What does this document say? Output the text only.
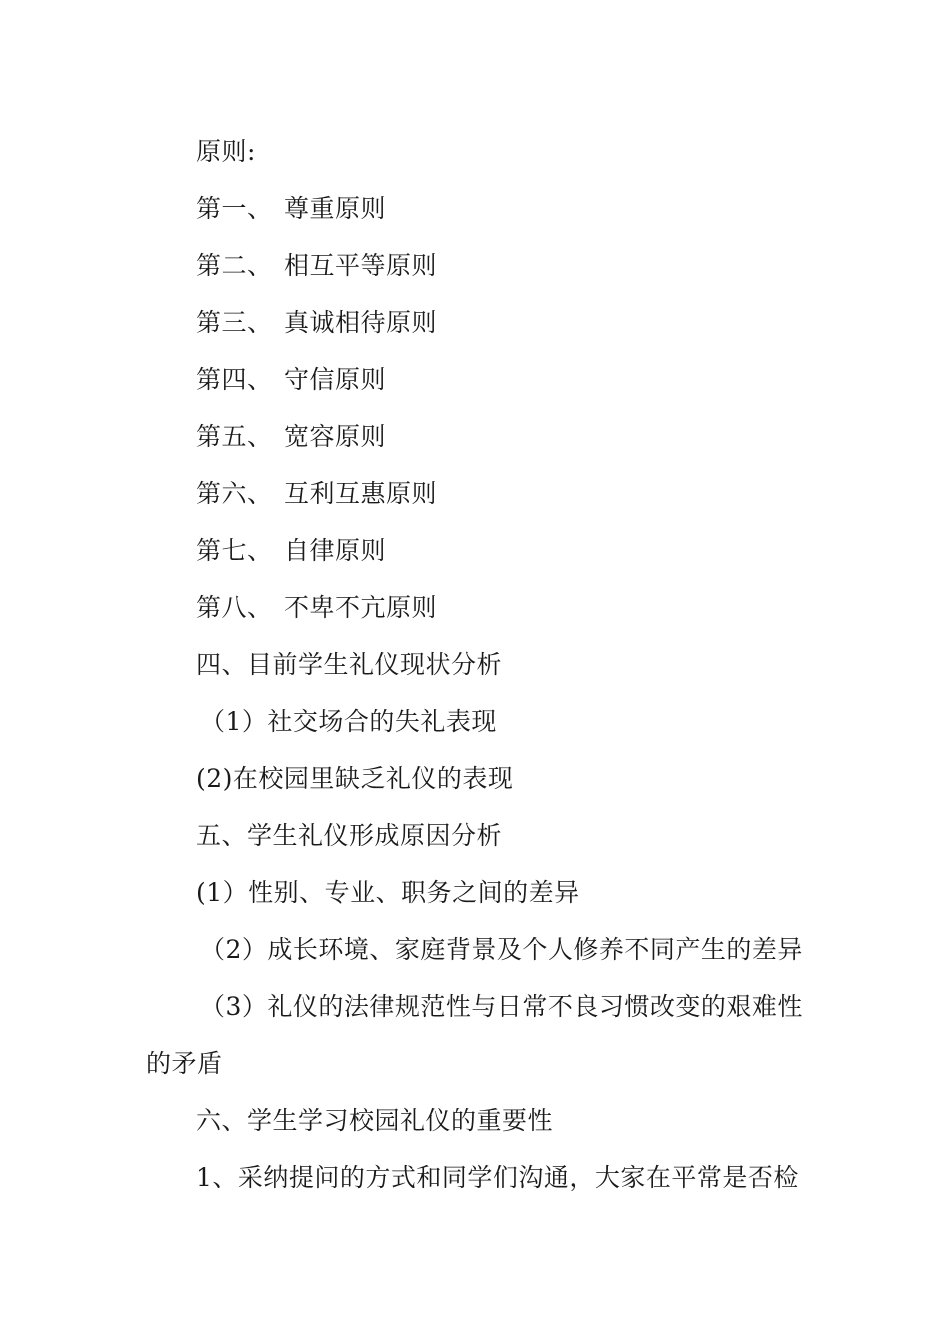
原则:
第一、 尊重原则
第二、 相互平等原则
第三、 真诚相待原则
第四、 守信原则
第五、 宽容原则
第六、 互利互惠原则
第七、 自律原则
第八、 不卑不亢原则
四、目前学生礼仪现状分析
（1）社交场合的失礼表现
(2)在校园里缺乏礼仪的表现
五、学生礼仪形成原因分析
(1）性别、专业、职务之间的差异
（2）成长环境、家庭背景及个人修养不同产生的差异
（3）礼仪的法律规范性与日常不良习惯改变的艰难性
的矛盾
六、学生学习校园礼仪的重要性
1、采纳提问的方式和同学们沟通，大家在平常是否检
